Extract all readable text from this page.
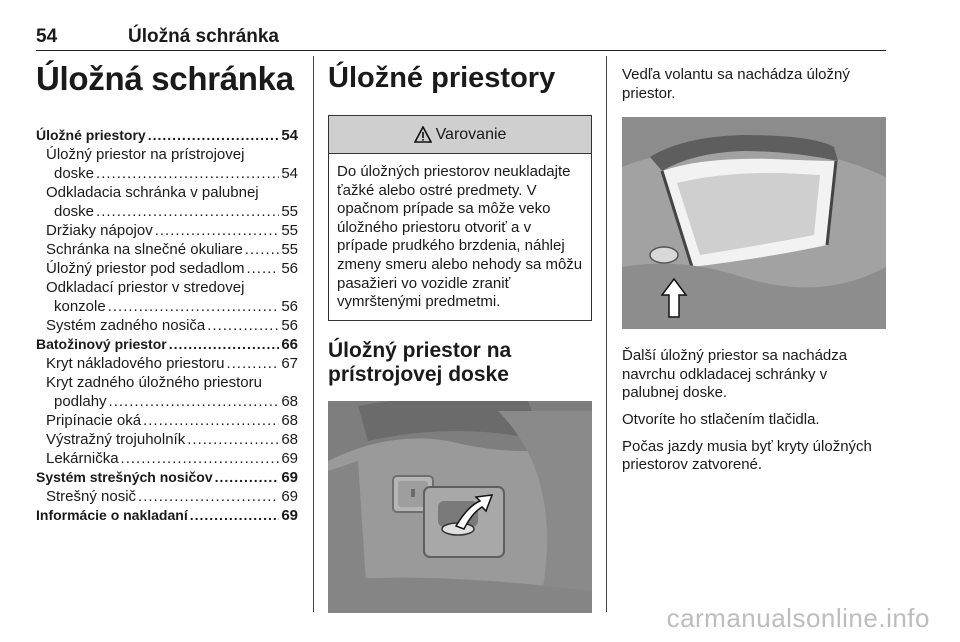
54	Úložná schránka
Úložná schránka
Úložné priestory .....	54
Úložný priestor na prístrojovej
doske .....	54
Odkladacia schránka v palubnej
doske .....	55
Držiaky nápojov .....	55
Schránka na slnečné okuliare .....	55
Úložný priestor pod sedadlom ..... 56
Odkladací priestor v stredovej
konzole .....	56
Systém zadného nosiča .....	56
Batožinový priestor .....	66
Kryt nákladového priestoru .....	67
Kryt zadného úložného priestoru
podlahy .....	68
Pripínacie oká .....	68
Výstražný trojuholník .....	68
Lekárnička .....	69
Systém strešných nosičov .....	69
Strešný nosič .....	69
Informácie o nakladaní .....	69
Úložné priestory
Varovanie
Do úložných priestorov neukladajte ťažké alebo ostré predmety. V opačnom prípade sa môže veko úložného priestoru otvoriť a v prípade prudkého brzdenia, náhlej zmeny smeru alebo nehody sa môžu pasažieri vo vozidle zraniť vymrštenými predmetmi.
Úložný priestor na prístrojovej doske

Vedľa volantu sa nachádza úložný priestor.

Ďalší úložný priestor sa nachádza navrchu odkladacej schránky v palubnej doske.

Otvoríte ho stlačením tlačidla.

Počas jazdy musia byť kryty úložných priestorov zatvorené.

carmanualsonline.info
